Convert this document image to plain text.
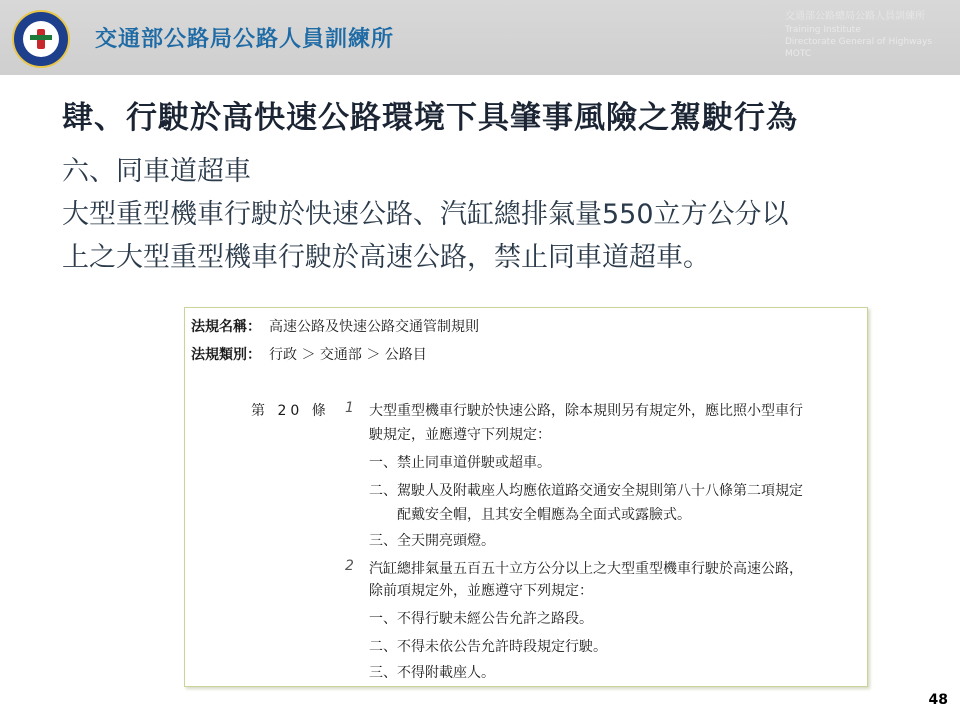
交通部公路局公路人員訓練所
交通部公路總局公路人員訓練所
Training Institute
Directorate General of Highways
MOTC
肆、行駛於高快速公路環境下具肇事風險之駕駛行為
六、同車道超車
大型重型機車行駛於快速公路、汽缸總排氣量550立方公分以
上之大型重型機車行駛於高速公路，禁止同車道超車。
法規名稱： 高速公路及快速公路交通管制規則
法規類別： 行政 ＞ 交通部 ＞ 公路目
第 20 條 1 大型重型機車行駛於快速公路，除本規則另有規定外，應比照小型車行
駛規定，並應遵守下列規定：
一、禁止同車道併駛或超車。
二、駕駛人及附載座人均應依道路交通安全規則第八十八條第二項規定
配戴安全帽，且其安全帽應為全面式或露臉式。
三、全天開亮頭燈。
2 汽缸總排氣量五百五十立方公分以上之大型重型機車行駛於高速公路，
除前項規定外，並應遵守下列規定：
一、不得行駛未經公告允許之路段。
二、不得未依公告允許時段規定行駛。
三、不得附載座人。
48
